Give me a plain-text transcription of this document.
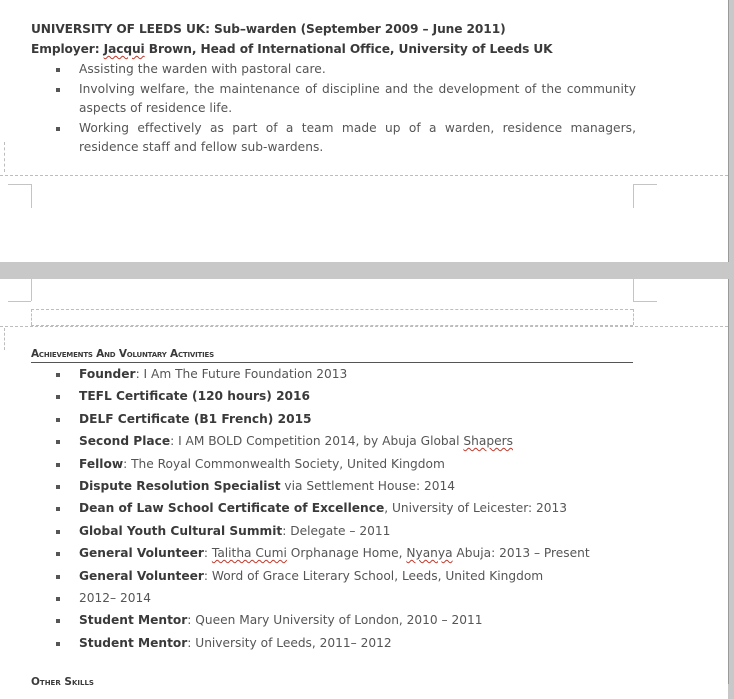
UNIVERSITY OF LEEDS UK: Sub–warden (September 2009 – June 2011)
Employer: Jacqui Brown, Head of International Office, University of Leeds UK
Assisting the warden with pastoral care.
Involving welfare, the maintenance of discipline and the development of the community
aspects of residence life.
Working effectively as part of a team made up of a warden, residence managers,
residence staff and fellow sub-wardens.
Achievements And Voluntary Activities
Founder: I Am The Future Foundation 2013
TEFL Certificate (120 hours) 2016
DELF Certificate (B1 French) 2015
Second Place: I AM BOLD Competition 2014, by Abuja Global Shapers
Fellow: The Royal Commonwealth Society, United Kingdom
Dispute Resolution Specialist via Settlement House: 2014
Dean of Law School Certificate of Excellence, University of Leicester: 2013
Global Youth Cultural Summit: Delegate – 2011
General Volunteer: Talitha Cumi Orphanage Home, Nyanya Abuja: 2013 – Present
General Volunteer: Word of Grace Literary School, Leeds, United Kingdom
2012– 2014
Student Mentor: Queen Mary University of London, 2010 – 2011
Student Mentor: University of Leeds, 2011– 2012
Other Skills
